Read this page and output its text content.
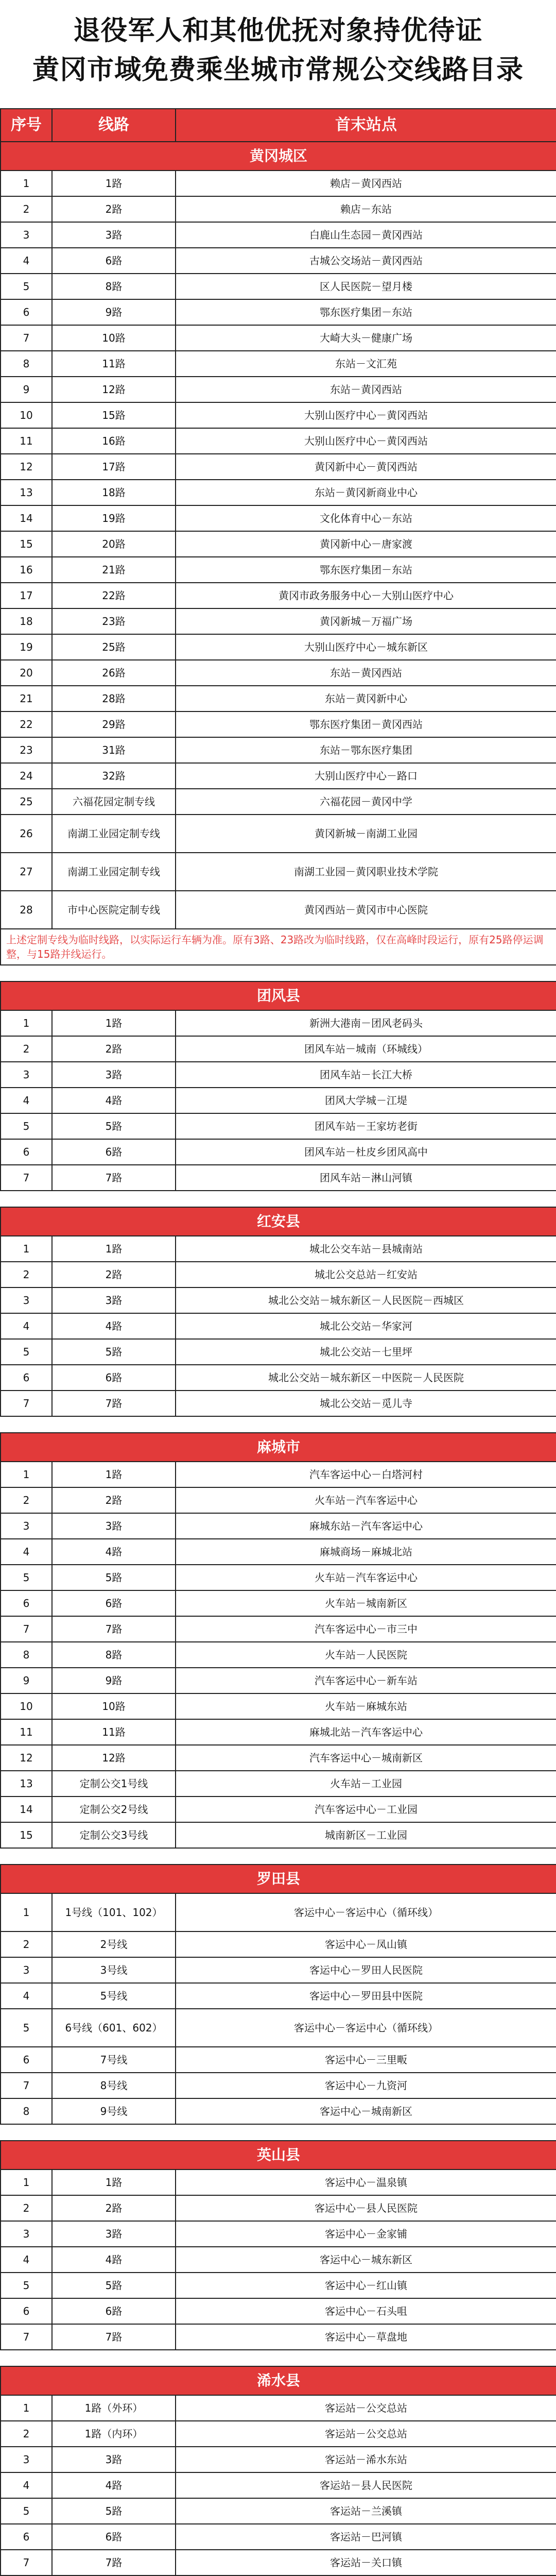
退役军人和其他优抚对象持优待证
黄冈市域免费乘坐城市常规公交线路目录
序号	线路	首末站点
黄冈城区		
1	1路	赖店－黄冈西站
2	2路	赖店－东站
3	3路	白鹿山生态园－黄冈西站
4	6路	古城公交场站－黄冈西站
5	8路	区人民医院－望月楼
6	9路	鄂东医疗集团－东站
7	10路	大崎大头－健康广场
8	11路	东站－文汇苑
9	12路	东站－黄冈西站
10	15路	大别山医疗中心－黄冈西站
11	16路	大别山医疗中心－黄冈西站
12	17路	黄冈新中心－黄冈西站
13	18路	东站－黄冈新商业中心
14	19路	文化体育中心－东站
15	20路	黄冈新中心－唐家渡
16	21路	鄂东医疗集团－东站
17	22路	黄冈市政务服务中心－大别山医疗中心
18	23路	黄冈新城－万福广场
19	25路	大别山医疗中心－城东新区
20	26路	东站－黄冈西站
21	28路	东站－黄冈新中心
22	29路	鄂东医疗集团－黄冈西站
23	31路	东站－鄂东医疗集团
24	32路	大别山医疗中心－路口
25	六福花园定制专线	六福花园－黄冈中学
26	南湖工业园定制专线	黄冈新城－南湖工业园
27	南湖工业园定制专线	南湖工业园－黄冈职业技术学院
28	市中心医院定制专线	黄冈西站－黄冈市中心医院
上述定制专线为临时线路，以实际运行车辆为准。原有3路、23路改为临时线路，仅在高峰时段运行，原有25路停运调整，与15路并线运行。		

团风县		
1	1路	新洲大港南－团风老码头
2	2路	团风车站－城南（环城线）
3	3路	团风车站－长江大桥
4	4路	团风大学城－江堤
5	5路	团风车站－王家坊老街
6	6路	团风车站－杜皮乡团风高中
7	7路	团风车站－淋山河镇

红安县		
1	1路	城北公交车站－县城南站
2	2路	城北公交总站－红安站
3	3路	城北公交站－城东新区－人民医院－西城区
4	4路	城北公交站－华家河
5	5路	城北公交站－七里坪
6	6路	城北公交站－城东新区－中医院－人民医院
7	7路	城北公交站－觅儿寺

麻城市		
1	1路	汽车客运中心－白塔河村
2	2路	火车站－汽车客运中心
3	3路	麻城东站－汽车客运中心
4	4路	麻城商场－麻城北站
5	5路	火车站－汽车客运中心
6	6路	火车站－城南新区
7	7路	汽车客运中心－市三中
8	8路	火车站－人民医院
9	9路	汽车客运中心－新车站
10	10路	火车站－麻城东站
11	11路	麻城北站－汽车客运中心
12	12路	汽车客运中心－城南新区
13	定制公交1号线	火车站－工业园
14	定制公交2号线	汽车客运中心－工业园
15	定制公交3号线	城南新区－工业园

罗田县		
1	1号线（101、102）	客运中心－客运中心（循环线）
2	2号线	客运中心－凤山镇
3	3号线	客运中心－罗田人民医院
4	5号线	客运中心－罗田县中医院
5	6号线（601、602）	客运中心－客运中心（循环线）
6	7号线	客运中心－三里畈
7	8号线	客运中心－九资河
8	9号线	客运中心－城南新区

英山县		
1	1路	客运中心－温泉镇
2	2路	客运中心－县人民医院
3	3路	客运中心－金家铺
4	4路	客运中心－城东新区
5	5路	客运中心－红山镇
6	6路	客运中心－石头咀
7	7路	客运中心－草盘地

浠水县		
1	1路（外环）	客运站－公交总站
2	1路（内环）	客运站－公交总站
3	3路	客运站－浠水东站
4	4路	客运站－县人民医院
5	5路	客运站－兰溪镇
6	6路	客运站－巴河镇
7	7路	客运站－关口镇
